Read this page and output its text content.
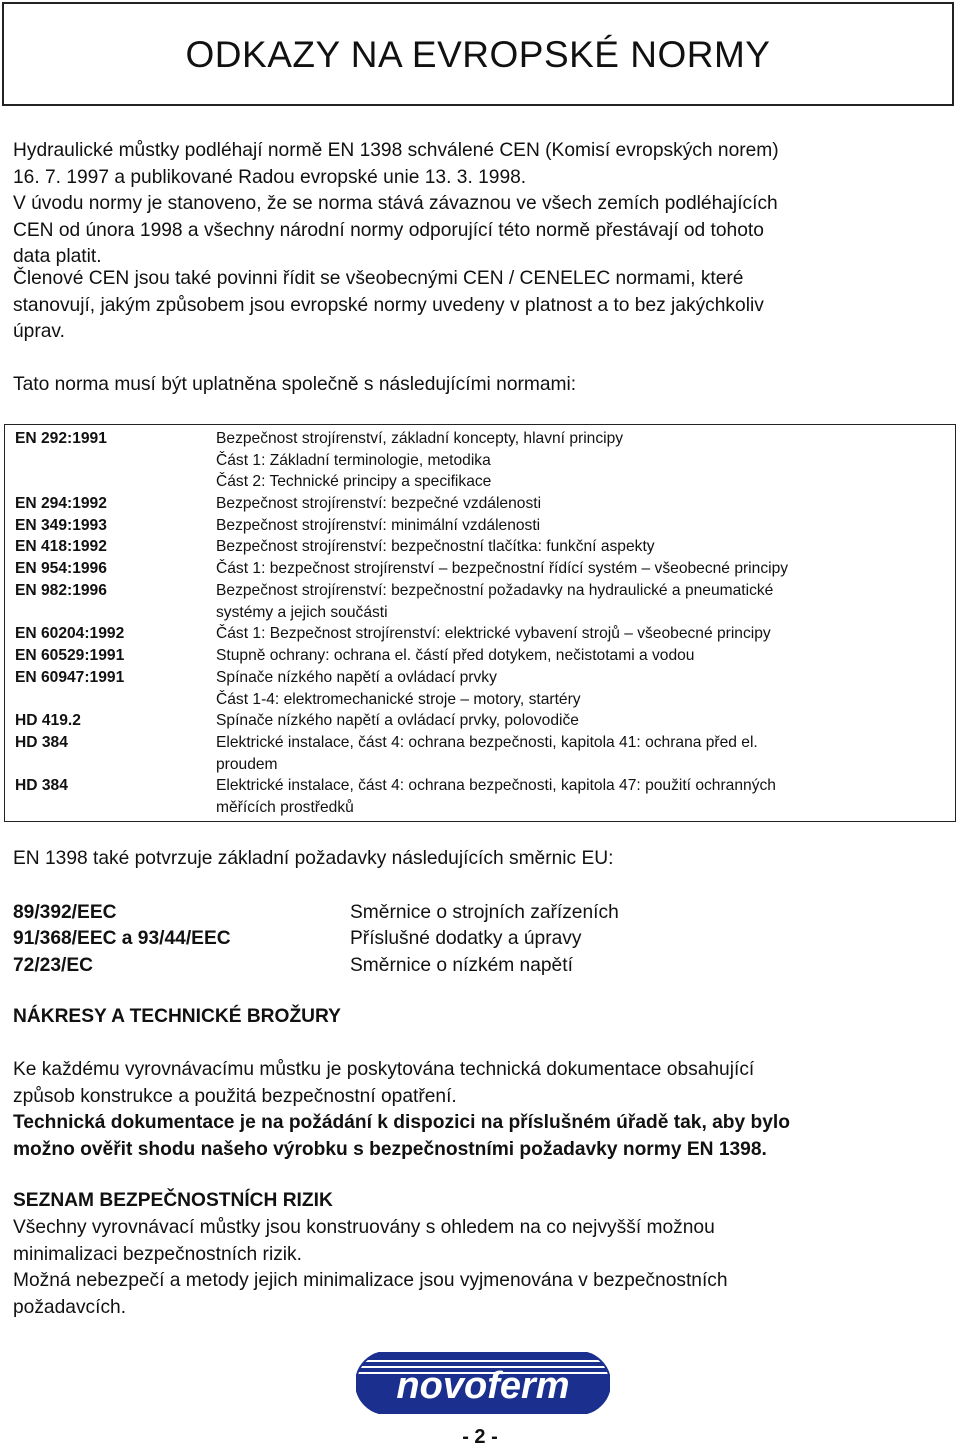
ODKAZY NA EVROPSKÉ NORMY
Hydraulické můstky podléhají normě EN 1398 schválené CEN (Komisí evropských norem)
16. 7. 1997 a publikované Radou evropské unie 13. 3. 1998.
V úvodu normy je stanoveno, že se norma stává závaznou ve všech zemích podléhajících
CEN od února 1998 a všechny národní normy odporující této normě přestávají od tohoto
data platit.
Členové CEN jsou také povinni řídit se všeobecnými CEN / CENELEC normami, které
stanovují, jakým způsobem jsou evropské normy uvedeny v platnost a to bez jakýchkoliv
úprav.
Tato norma musí být uplatněna společně s následujícími normami:
EN 292:1991	Bezpečnost strojírenství, základní koncepty, hlavní principy
Část 1: Základní terminologie, metodika
Část 2: Technické principy a specifikace
EN 294:1992	Bezpečnost strojírenství: bezpečné vzdálenosti
EN 349:1993	Bezpečnost strojírenství: minimální vzdálenosti
EN 418:1992	Bezpečnost strojírenství: bezpečnostní tlačítka: funkční aspekty
EN 954:1996	Část 1: bezpečnost strojírenství – bezpečnostní řídící systém – všeobecné principy
EN 982:1996	Bezpečnost strojírenství: bezpečnostní požadavky na hydraulické a pneumatické
systémy a jejich součásti
EN 60204:1992	Část 1: Bezpečnost strojírenství: elektrické vybavení strojů – všeobecné principy
EN 60529:1991	Stupně ochrany: ochrana el. částí před dotykem, nečistotami a vodou
EN 60947:1991	Spínače nízkého napětí a ovládací prvky
Část 1-4: elektromechanické stroje – motory, startéry
HD 419.2	Spínače nízkého napětí a ovládací prvky, polovodiče
HD 384	Elektrické instalace, část 4: ochrana bezpečnosti, kapitola 41: ochrana před el.
proudem
HD 384	Elektrické instalace, část 4: ochrana bezpečnosti, kapitola 47: použití ochranných
měřících prostředků

EN 1398 také potvrzuje základní požadavky následujících směrnic EU:

89/392/EEC	Směrnice o strojních zařízeních
91/368/EEC a 93/44/EEC	Příslušné dodatky a úpravy
72/23/EC	Směrnice o nízkém napětí

NÁKRESY A TECHNICKÉ BROŽURY

Ke každému vyrovnávacímu můstku je poskytována technická dokumentace obsahující
způsob konstrukce a použitá bezpečnostní opatření.
Technická dokumentace je na požádání k dispozici na příslušném úřadě tak, aby bylo
možno ověřit shodu našeho výrobku s bezpečnostními požadavky normy EN 1398.

SEZNAM BEZPEČNOSTNÍCH RIZIK

Všechny vyrovnávací můstky jsou konstruovány s ohledem na co nejvyšší možnou
minimalizaci bezpečnostních rizik.
Možná nebezpečí a metody jejich minimalizace jsou vyjmenována v bezpečnostních
požadavcích.
novoferm
- 2 -
